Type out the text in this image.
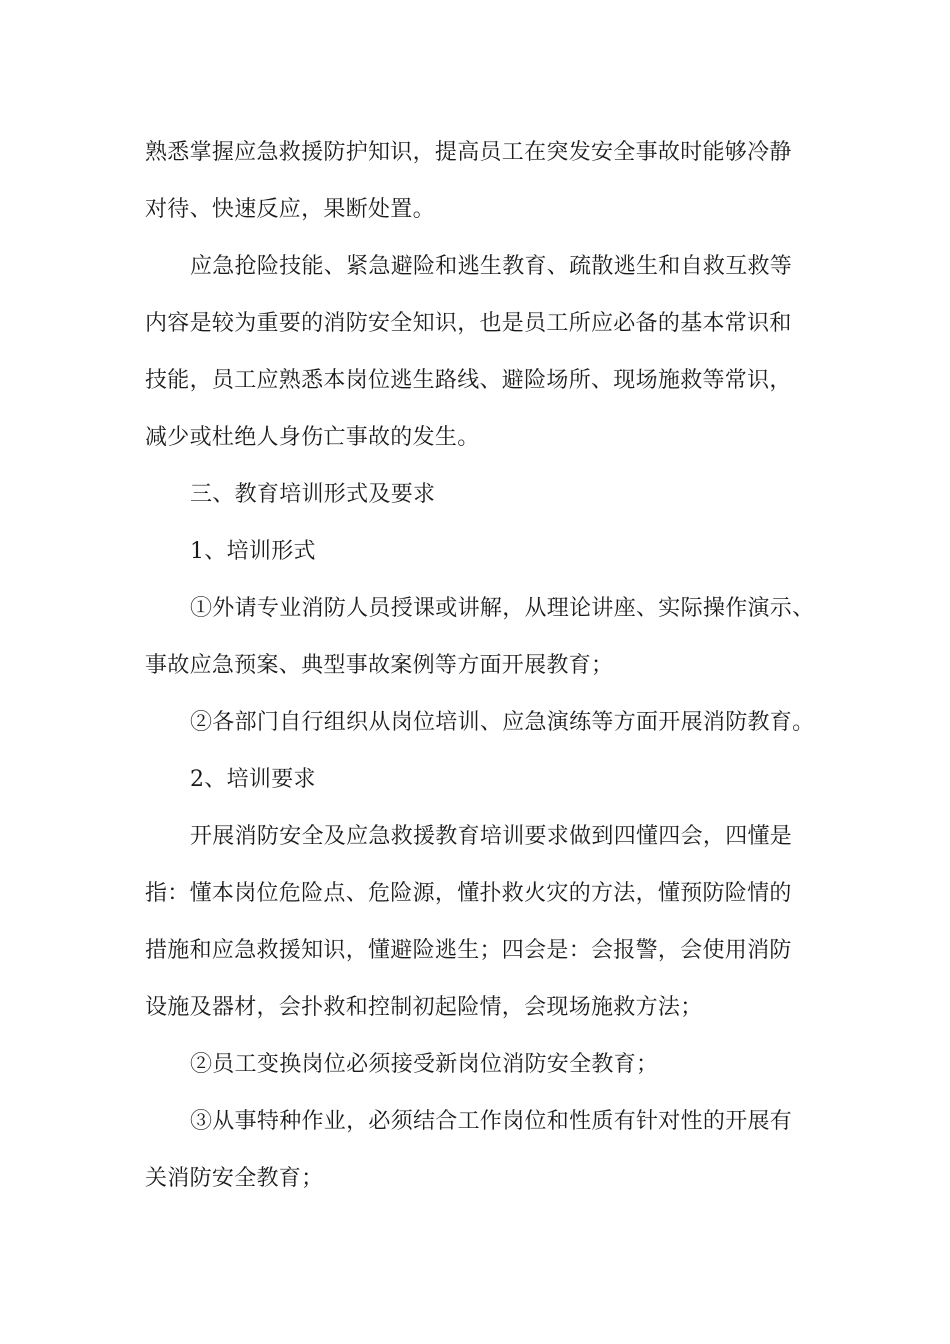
熟悉掌握应急救援防护知识，提高员工在突发安全事故时能够冷静
对待、快速反应，果断处置。
应急抢险技能、紧急避险和逃生教育、疏散逃生和自救互救等
内容是较为重要的消防安全知识，也是员工所应必备的基本常识和
技能，员工应熟悉本岗位逃生路线、避险场所、现场施救等常识，
减少或杜绝人身伤亡事故的发生。
三、教育培训形式及要求
1、培训形式
①外请专业消防人员授课或讲解，从理论讲座、实际操作演示、
事故应急预案、典型事故案例等方面开展教育；
②各部门自行组织从岗位培训、应急演练等方面开展消防教育。
2、培训要求
开展消防安全及应急救援教育培训要求做到四懂四会，四懂是
指：懂本岗位危险点、危险源，懂扑救火灾的方法，懂预防险情的
措施和应急救援知识，懂避险逃生；四会是：会报警，会使用消防
设施及器材，会扑救和控制初起险情，会现场施救方法；
②员工变换岗位必须接受新岗位消防安全教育；
③从事特种作业，必须结合工作岗位和性质有针对性的开展有
关消防安全教育；
